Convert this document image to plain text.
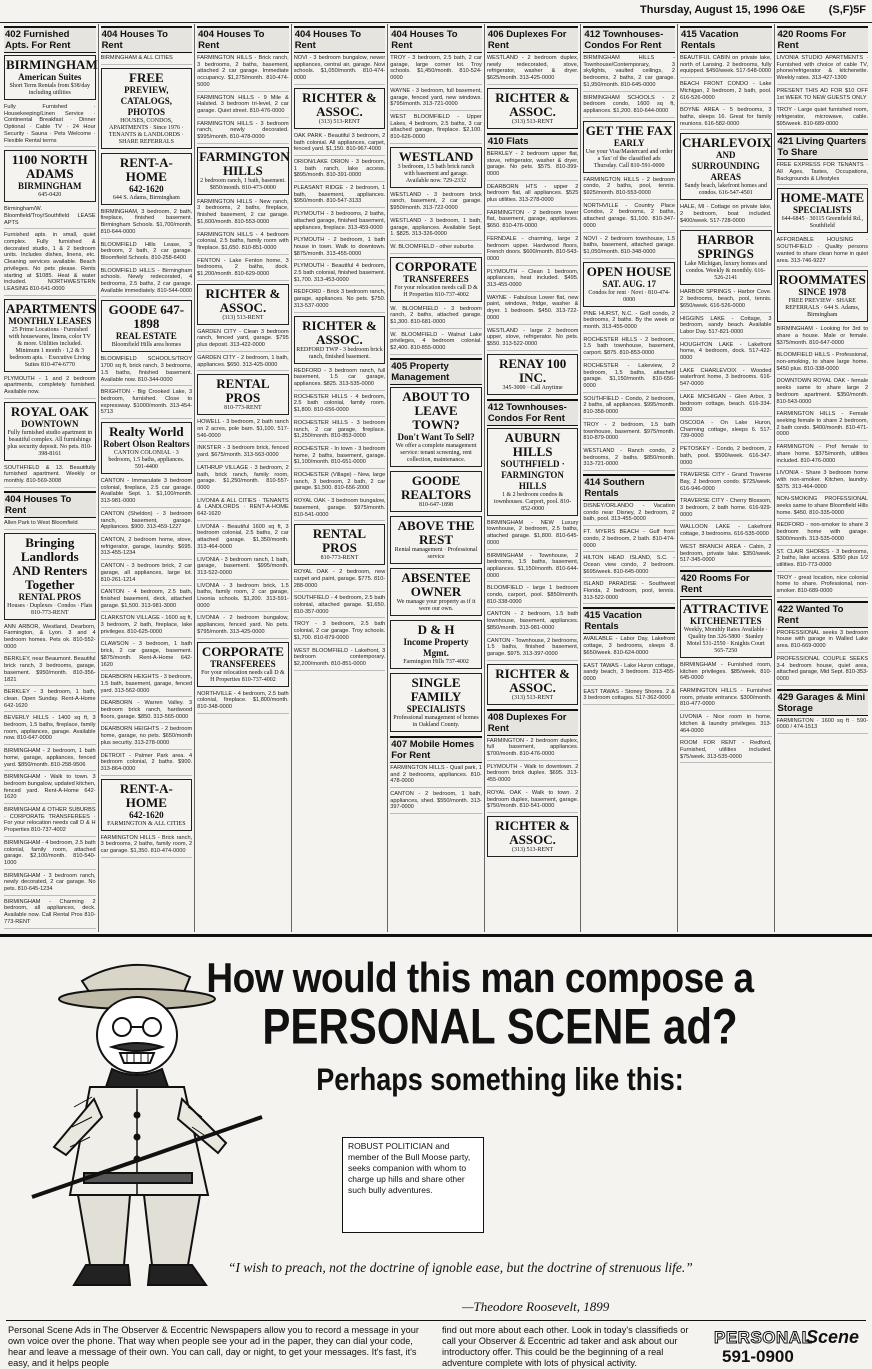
Thursday, August 15, 1996 O&E (S,F)5F
402 Furnished Apts. For Rent
BIRMINGHAM
American Suites
Short Term Rentals from $38/day including utilities
Fully Furnished · Housekeeping/Linen Service · Continental Breakfast · Dinner Optional · Cable TV · 24 Hour Security · Sauna · Pets Welcome · Flexible Rental terms
1100 NORTH ADAMS
BIRMINGHAM
645-0420
Birmingham/W. Bloomfield/Troy/Southfield LEASE APTS
Furnished apts. in small, quiet complex. Fully furnished & decorated studio, 1 & 2 bedroom units. Includes dishes, linens, etc. Cleaning services available. Beach privileges. No pets please. Rents starting at $1085. Heat & water included. NORTHWESTERN LEASING 810-641-0000
APARTMENTS
MONTHLY LEASES
25 Prime Locations · Furnished with housewares, linens, color TV & more. Utilities included. Minimum 1 month · 1,2 & 3 bedroom apts. · Executive Living Suites 810-474-6770
PLYMOUTH - 1 and 2 bedroom apartments, completely furnished. Available now.
ROYAL OAK
DOWNTOWN
Fully furnished studio apartment in beautiful complex. All furnishings plus security deposit. No pets. 810-398-8161
SOUTHFIELD & 13. Beautifully furnished apartment. Weekly or monthly. 810-569-3008
404 Houses To Rent
Allen Park to West Bloomfield
Bringing Landlords AND Renters Together
RENTAL PROS
Houses · Duplexes · Condos · Flats 810-773-RENT
ANN ARBOR, Westland, Dearborn, Farmington, & Lyon. 3 and 4 bedroom homes. Pets ok. 810-552-0000
BERKLEY, near Beaumont. Beautiful brick ranch, 3 bedrooms, garage, basement. $950/month. 810-356-1821
BERKLEY - 3 bedroom, 1 bath, clean. Open Sunday. Rent-A-Home 642-1620
BEVERLY HILLS - 1400 sq ft, 3 bedroom, 1.5 baths, fireplace, family room, appliances, garage. Available now. 810-647-0000
BIRMINGHAM - 2 bedroom, 1 bath home, garage, appliances, fenced yard. $850/month. 810-258-9506
BIRMINGHAM - Walk to town. 3 bedroom bungalow, updated kitchen, fenced yard. Rent-A-Home 642-1620
BIRMINGHAM & OTHER SUBURBS · CORPORATE TRANSFEREES · For your relocation needs call D & H Properties 810-737-4002
BIRMINGHAM - 4 bedroom, 2.5 bath colonial, family room, attached garage. $2,100/month. 810-540-1000
BIRMINGHAM - 3 bedroom ranch, newly decorated, 2 car garage. No pets. 810-645-1234
BIRMINGHAM - Charming 2 bedroom, all appliances, deck. Available now. Call Rental Pros 810-773-RENT
404 Houses To Rent
BIRMINGHAM & ALL CITIES
FREE
PREVIEW, CATALOGS, PHOTOS
HOUSES, CONDOS, APARTMENTS · Since 1976 · TENANTS & LANDLORDS · SHARE REFERRALS
RENT-A-HOME
642-1620
644 S. Adams, Birmingham
BIRMINGHAM, 3 bedroom, 2 bath, fireplace, finished basement. Birmingham Schools. $1,700/month. 810-644-0000
BLOOMFIELD Hills Lease, 3 bedroom, 2 bath, 2 car garage. Bloomfield Schools. 810-258-6400
BLOOMFIELD HILLS - Birmingham schools. Newly redecorated, 4 bedrooms, 2.5 baths, 2 car garage. Available immediately. 810-544-0000
GOODE 647-1898
REAL ESTATE
Bloomfield Hills area homes
BLOOMFIELD SCHOOLS/TROY 1700 sq ft, brick ranch, 3 bedrooms, 1.5 baths, finished basement. Available now. 810-344-0000
BRIGHTON - Big Crooked Lake, 3 bedroom, furnished. Close to expressway. $1000/month. 313-454-5713
Realty World
Robert Olson Realtors
CANTON COLONIAL · 3 bedroom, 1.5 baths, appliances. 591-4400
CANTON - Immaculate 3 bedroom colonial, fireplace, 2.5 car garage. Available Sept. 1. $1,100/month. 313-981-0000
CANTON (Sheldon) - 3 bedroom ranch, basement, garage. Appliances. $900. 313-459-1227
CANTON, 2 bedroom home, stove, refrigerator, garage, laundry. $695. 313-455-1234
CANTON - 3 bedroom brick, 2 car garage, all appliances, large lot. 810-261-1214
CANTON - 4 bedroom, 2.5 bath, finished basement, deck, attached garage. $1,500. 313-981-3000
CLARKSTON VILLAGE - 1600 sq ft, 3 bedroom, 2 bath, fireplace, lake privileges. 810-625-0000
CLAWSON - 3 bedroom, 1 bath brick, 2 car garage, basement. $875/month. Rent-A-Home 642-1620
DEARBORN HEIGHTS - 3 bedroom, 1.5 bath, basement, garage, fenced yard. 313-562-0000
DEARBORN - Warren Valley. 3 bedroom brick ranch, hardwood floors, garage. $850. 313-565-0000
DEARBORN HEIGHTS - 2 bedroom home, garage, no pets. $650/month plus security. 313-278-0000
DETROIT - Palmer Park area. 4 bedroom colonial, 2 baths. $900. 313-864-0000
RENT-A-HOME
642-1620
FARMINGTON & ALL CITIES
FARMINGTON HILLS - Brick ranch, 3 bedrooms, 2 baths, family room, 2 car garage. $1,350. 810-474-0000
404 Houses To Rent
FARMINGTON HILLS - Brick ranch, 3 bedrooms, 2 baths, basement, attached 2 car garage. Immediate occupancy. $1,275/month. 810-474-5000
FARMINGTON HILLS - 9 Mile & Halsted. 3 bedroom tri-level, 2 car garage. Quiet street. 810-476-0000
FARMINGTON HILLS - 3 bedroom ranch, newly decorated. $995/month. 810-478-0000
FARMINGTON HILLS
2 bedroom ranch, 1 bath, basement. $850/month. 810-473-0000
FARMINGTON HILLS - New ranch, 3 bedrooms, 2 baths, fireplace, finished basement, 2 car garage. $1,600/month. 810-553-0000
FARMINGTON HILLS - 4 bedroom colonial, 2.5 baths, family room with fireplace. $1,650. 810-851-0000
FENTON - Lake Fenton home, 3 bedrooms, 2 baths, dock. $1,200/month. 810-629-0000
RICHTER & ASSOC.
(313) 513-RENT
GARDEN CITY - Clean 3 bedroom ranch, fenced yard, garage. $795 plus deposit. 313-422-0000
GARDEN CITY - 2 bedroom, 1 bath, appliances. $650. 313-425-0000
RENTAL PROS
810-773-RENT
HOWELL - 3 bedroom, 2 bath ranch on 2 acres, pole barn. $1,100. 517-546-0000
INKSTER - 3 bedroom brick, fenced yard. $675/month. 313-563-0000
LATHRUP VILLAGE - 3 bedroom, 2 bath, brick ranch, family room, garage. $1,250/month. 810-557-0000
LIVONIA & ALL CITIES · TENANTS & LANDLORDS · RENT-A-HOME 642-1620
LIVONIA - Beautiful 1600 sq ft, 3 bedroom colonial, 2.5 baths, 2 car attached garage. $1,350/month. 313-464-0000
LIVONIA - 3 bedroom ranch, 1 bath, garage, basement. $995/month. 313-522-0000
LIVONIA - 3 bedroom brick, 1.5 baths, family room, 2 car garage, Livonia schools. $1,200. 313-591-0000
LIVONIA - 2 bedroom bungalow, appliances, fenced yard. No pets. $795/month. 313-425-0000
CORPORATE
TRANSFEREES
For your relocation needs call D & H Properties 810-737-4002
NORTHVILLE - 4 bedroom, 2.5 bath colonial, fireplace. $1,800/month. 810-348-0000
404 Houses To Rent
NOVI - 3 bedroom bungalow, newer appliances, central air, garage. Novi schools. $1,050/month. 810-474-0000
RICHTER & ASSOC.
(313) 513-RENT
OAK PARK - Beautiful 3 bedroom, 2 bath colonial. All appliances, carpet, fenced yard. $1,150. 810-967-4000
ORION/LAKE ORION - 3 bedroom, 1 bath ranch, lake access. $895/month. 810-391-0000
PLEASANT RIDGE - 2 bedroom, 1 bath, basement, appliances. $950/month. 810-547-3133
PLYMOUTH - 3 bedrooms, 2 baths, attached garage, finished basement, appliances, fireplace. 313-459-0000
PLYMOUTH - 2 bedroom, 1 bath house in town. Walk to downtown. $875/month. 313-455-0000
PLYMOUTH - Beautiful 4 bedroom, 2.5 bath colonial, finished basement. $1,700. 313-453-0000
REDFORD - Brick 3 bedroom ranch, garage, appliances. No pets. $750. 313-537-0000
RICHTER & ASSOC.
REDFORD TWP - 3 bedroom brick ranch, finished basement.
REDFORD - 3 bedroom ranch, full basement, 1.5 car garage, appliances. $825. 313-535-0000
ROCHESTER HILLS - 4 bedroom, 2.5 bath colonial, family room. $1,800. 810-656-0000
ROCHESTER HILLS - 3 bedroom ranch, 2 car garage, fireplace. $1,250/month. 810-853-0000
ROCHESTER - In town - 3 bedroom home, 2 baths, basement, garage. $1,100/month. 810-651-0000
ROCHESTER (Village) - New, large ranch, 3 bedroom, 2 bath, 2 car garage. $1,500. 810-656-2000
ROYAL OAK - 3 bedroom bungalow, basement, garage. $975/month. 810-541-0000
RENTAL PROS
810-773-RENT
ROYAL OAK - 2 bedroom, new carpet and paint, garage. $775. 810-288-0000
SOUTHFIELD - 4 bedroom, 2.5 bath colonial, attached garage. $1,650. 810-357-0000
TROY - 3 bedroom, 2.5 bath colonial, 2 car garage. Troy schools. $1,700. 810-879-0000
WEST BLOOMFIELD - Lakefront, 3 bedroom contemporary. $2,200/month. 810-851-0000
404 Houses To Rent
TROY - 3 bedroom, 2.5 bath, 2 car garage, large corner lot. Troy schools. $1,450/month. 810-524-0000
WAYNE - 3 bedroom, full basement, garage, fenced yard, new windows. $795/month. 313-721-0000
WEST BLOOMFIELD - Upper Lakes, 4 bedroom, 2.5 baths, 3 car attached garage, fireplace. $2,100. 810-626-0000
WESTLAND
3 bedroom, 1.5 bath brick ranch with basement and garage. Available now. 729-2332
WESTLAND - 3 bedroom brick ranch, basement, 2 car garage. $950/month. 313-722-0000
WESTLAND - 3 bedroom, 1 bath, garage, appliances. Available Sept. 1. $825. 313-326-0000
W. BLOOMFIELD - other suburbs
CORPORATE
TRANSFEREES
For your relocation needs call D & H Properties 810-737-4002
W. BLOOMFIELD - 3 bedroom ranch, 2 baths, attached garage. $1,300. 810-681-0000
W. BLOOMFIELD - Walnut Lake privileges, 4 bedroom colonial. $2,400. 810-855-0000
405 Property Management
ABOUT TO LEAVE TOWN?
Don't Want To Sell?
We offer a complete management service: tenant screening, rent collection, maintenance.
GOODE REALTORS
810-647-1898
ABOVE THE REST
Rental management · Professional service
ABSENTEE OWNER
We manage your property as if it were our own.
D & H
Income Property Mgmt.
Farmington Hills 737-4002
SINGLE FAMILY
SPECIALISTS
Professional management of homes in Oakland County.
407 Mobile Homes For Rent
FARMINGTON HILLS - Quail park, 1 and 2 bedrooms, appliances. 810-478-0000
CANTON - 2 bedroom, 1 bath, appliances, shed. $550/month. 313-397-0000
406 Duplexes For Rent
WESTLAND - 2 bedroom duplex, newly redecorated, stove, refrigerator, washer & dryer. $625/month. 313-425-0000
RICHTER & ASSOC.
(313) 513-RENT
410 Flats
BERKLEY - 2 bedroom upper flat, stove, refrigerator, washer & dryer, garage. No pets. $575. 810-399-0000
DEARBORN HTS - upper 2 bedroom flat, all appliances. $525 plus utilities. 313-278-0000
FARMINGTON - 2 bedroom lower flat, basement, garage, appliances. $650. 810-476-0000
FERNDALE - charming, large 2 bedroom upper. Hardwood floors, French doors. $600/month. 810-543-0000
PLYMOUTH - Clean 1 bedroom, appliances, heat included. $495. 313-455-0000
WAYNE - Fabulous Lower flat, new paint, windows, fridge, washer & dryer. 1 bedroom. $450. 313-722-0000
WESTLAND - large 2 bedroom upper, stove, refrigerator. No pets. $550. 313-522-0000
RENAY 100 INC.
345-3000 · Call Anytime
412 Townhouses-Condos For Rent
AUBURN HILLS
SOUTHFIELD · FARMINGTON HILLS
1 & 2 bedroom condos & townhouses. Carport, pool. 810-852-0000
BIRMINGHAM - NEW Luxury townhouse, 2 bedroom, 2.5 baths, attached garage. $1,800. 810-645-0000
BIRMINGHAM - Townhouse, 2 bedrooms, 1.5 baths, basement, appliances. $1,150/month. 810-644-0000
BLOOMFIELD - large 1 bedroom condo, carport, pool. $850/month. 810-338-0000
CANTON - 2 bedroom, 1.5 bath townhouse, basement, appliances. $850/month. 313-981-0000
CANTON - Townhouse, 2 bedrooms, 1.5 baths, finished basement, garage. $975. 313-397-0000
RICHTER & ASSOC.
(313) 513-RENT
408 Duplexes For Rent
FARMINGTON - 2 bedroom duplex, full basement, appliances. $700/month. 810-476-0000
PLYMOUTH - Walk to downtown. 2 bedroom brick duplex. $695. 313-455-0000
ROYAL OAK - Walk to town. 2 bedroom duplex, basement, garage. $750/month. 810-541-0000
RICHTER & ASSOC.
(313) 513-RENT
412 Townhouses-Condos For Rent
BIRMINGHAM HILLS - Townhouse/Contemporary, 3 skylights, vaulted ceilings, 2 bedrooms, 2 baths, 2 car garage. $1,950/month. 810-645-0000
BIRMINGHAM SCHOOLS - 2 bedroom condo, 1600 sq ft, appliances. $1,200. 810-644-0000
GET THE FAX
EARLY
Use your Visa/Mastercard and order a 'fax' of the classified ads Thursday. Call 810-591-0000
FARMINGTON HILLS - 2 bedroom condo, 2 baths, pool, tennis. $925/month. 810-553-0000
NORTHVILLE - Country Place Condos, 2 bedrooms, 2 baths, attached garage. $1,100. 810-347-0000
NOVI - 2 bedroom townhouse, 1.5 baths, basement, attached garage. $1,050/month. 810-348-0000
OPEN HOUSE
SAT. AUG. 17
Condos for rent · Novi · 810-474-0000
PINE HURST, N.C. - Golf condo, 2 bedrooms, 2 baths. By the week or month. 313-455-0000
ROCHESTER HILLS - 2 bedroom, 1.5 bath townhouse, basement, carport. $875. 810-853-0000
ROCHESTER - Lakeview, 2 bedroom, 1.5 baths, attached garage. $1,150/month. 810-656-0000
SOUTHFIELD - Condo, 2 bedroom, 2 baths, all appliances. $995/month. 810-358-0000
TROY - 2 bedroom, 1.5 bath townhouse, basement. $975/month. 810-879-0000
WESTLAND - Ranch condo, 2 bedrooms, 2 baths. $850/month. 313-721-0000
414 Southern Rentals
DISNEY/ORLANDO - Vacation condo near Disney, 2 bedroom, 2 bath, pool. 313-455-0000
FT. MYERS BEACH - Gulf front condo, 2 bedroom, 2 bath. 810-474-0000
HILTON HEAD ISLAND, S.C. - Ocean view condo, 2 bedroom. $695/week. 810-645-0000
ISLAND PARADISE - Southwest Florida, 2 bedroom, pool, tennis. 313-522-0000
415 Vacation Rentals
AVAILABLE - Labor Day, Lakefront cottage, 3 bedrooms, sleeps 8. $650/week. 810-624-0000
EAST TAWAS - Lake Huron cottage, sandy beach, 3 bedroom. 313-455-0000
EAST TAWAS - Stoney Shores. 2 & 3 bedroom cottages. 517-362-0000
415 Vacation Rentals
BEAUTIFUL CABIN on private lake, north of Lansing. 2 bedrooms, fully equipped. $450/week. 517-548-0000
BEACH FRONT CONDO - Lake Michigan, 2 bedroom, 2 bath, pool. 616-526-0000
BOYNE AREA - 5 bedrooms, 3 baths, sleeps 16. Great for family reunions. 616-582-0000
CHARLEVOIX
AND SURROUNDING AREAS
Sandy beach, lakefront homes and condos. 616-547-4501
HALE, MI - Cottage on private lake, 2 bedroom, boat included. $400/week. 517-728-0000
HARBOR SPRINGS
Lake Michigan, luxury homes and condos. Weekly & monthly. 616-526-2141
HARBOR SPRINGS - Harbor Cove. 2 bedrooms, beach, pool, tennis. $650/week. 616-526-0000
HIGGINS LAKE - Cottage, 3 bedroom, sandy beach. Available Labor Day. 517-821-0000
HOUGHTON LAKE - Lakefront home, 4 bedroom, dock. 517-422-0000
LAKE CHARLEVOIX - Wooded waterfront home, 3 bedrooms. 616-547-0000
LAKE MICHIGAN - Glen Arbor, 3 bedroom cottage, beach. 616-334-0000
OSCODA - On Lake Huron, Charming cottage, sleeps 6. 517-739-0000
PETOSKEY - Condo, 2 bedroom, 2 bath, pool. $500/week. 616-347-0000
TRAVERSE CITY - Grand Traverse Bay, 2 bedroom condo. $725/week. 616-946-0000
TRAVERSE CITY - Cherry Blossom, 3 bedroom, 2 bath home. 616-929-0000
WALLOON LAKE - Lakefront cottage, 3 bedrooms. 616-535-0000
WEST BRANCH AREA - Cabin, 2 bedroom, private lake. $350/week. 517-345-0000
420 Rooms For Rent
ATTRACTIVE
KITCHENETTES
Weekly, Monthly Rates Available · Quality Inn 326-5800 · Stanley Motel 531-2550 · Knights Court 565-7250
BIRMINGHAM - Furnished room, kitchen privileges. $85/week. 810-645-0000
FARMINGTON HILLS - Furnished room, private entrance. $300/month. 810-477-0000
LIVONIA - Nice room in home, kitchen & laundry privileges. 313-464-0000
ROOM FOR RENT - Redford, Furnished, utilities included. $75/week. 313-535-0000
420 Rooms For Rent
LIVONIA STUDIO APARTMENTS · Furnished with choice of cable TV, phone/refrigerator & kitchenette. Weekly rates. 313-427-1300
PRESENT THIS AD FOR $10 OFF 1st WEEK TO NEW GUESTS ONLY
TROY - Large quiet furnished room, refrigerator, microwave, cable. $95/week. 810-689-0000
421 Living Quarters To Share
FREE EXPRESS FOR TENANTS · All Ages, Tastes, Occupations, Backgrounds & Lifestyles
HOME-MATE
SPECIALISTS
644-6845 · 30115 Greenfield Rd., Southfield
AFFORDABLE HOUSING · SOUTHFIELD · Quality persons wanted to share clean home in quiet area. 313-746-9227
ROOMMATES
SINCE 1978
FREE PREVIEW · SHARE REFERRALS · 644 S. Adams, Birmingham
BIRMINGHAM - Looking for 3rd to share a house. Male or female. $375/month. 810-647-0000
BLOOMFIELD HILLS - Professional, non-smoking, to share large home. $450 plus. 810-338-0000
DOWNTOWN ROYAL OAK - female seeks same to share large 2 bedroom apartment. $350/month. 810-543-0000
FARMINGTON HILLS - Female seeking female to share 2 bedroom, 2 bath condo. $400/month. 810-471-0000
FARMINGTON - Prof female to share home. $375/month, utilities included. 810-476-0000
LIVONIA - Share 3 bedroom home with non-smoker. Kitchen, laundry. $375. 313-464-0000
NON-SMOKING PROFESSIONAL seeks same to share Bloomfield Hills home. $450. 810-335-0000
REDFORD - non-smoker to share 3 bedroom home with garage. $300/month. 313-535-0000
ST. CLAIR SHORES - 3 bedrooms, 2 baths, lake access. $350 plus 1/2 utilities. 810-773-0000
TROY - great location, nice colonial home to share. Professional, non-smoker. 810-689-0000
422 Wanted To Rent
PROFESSIONAL seeks 3 bedroom house with garage in Walled Lake area. 810-669-0000
PROFESSIONAL COUPLE SEEKS 3-4 bedroom house, quiet area, attached garage, Mid Sept. 810-353-0000
429 Garages & Mini Storage
FARMINGTON · 1600 sq ft · 590-0000 / 474-1513
How would this man compose a
PERSONAL SCENE ad?
Perhaps something like this:
ROBUST POLITICIAN and member of the Bull Moose party, seeks companion with whom to charge up hills and share other such bully adventures.
“I wish to preach, not the doctrine of ignoble ease, but the doctrine of strenuous life.”
—Theodore Roosevelt, 1899
Personal Scene Ads in The Observer & Eccentric Newspapers allow you to record a message in your own voice over the phone. That way when people see your ad in the paper, they can dial your code, hear and leave a message of their own. You can call, day or night, to get your messages. It's fast, it's easy, and it helps people
find out more about each other. Look in today's classifieds or call your Observer & Eccentric ad taker and ask about our introductory offer. This could be the beginning of a real adventure complete with lots of physical activity.
PERSONAL
Scene
591-0900
